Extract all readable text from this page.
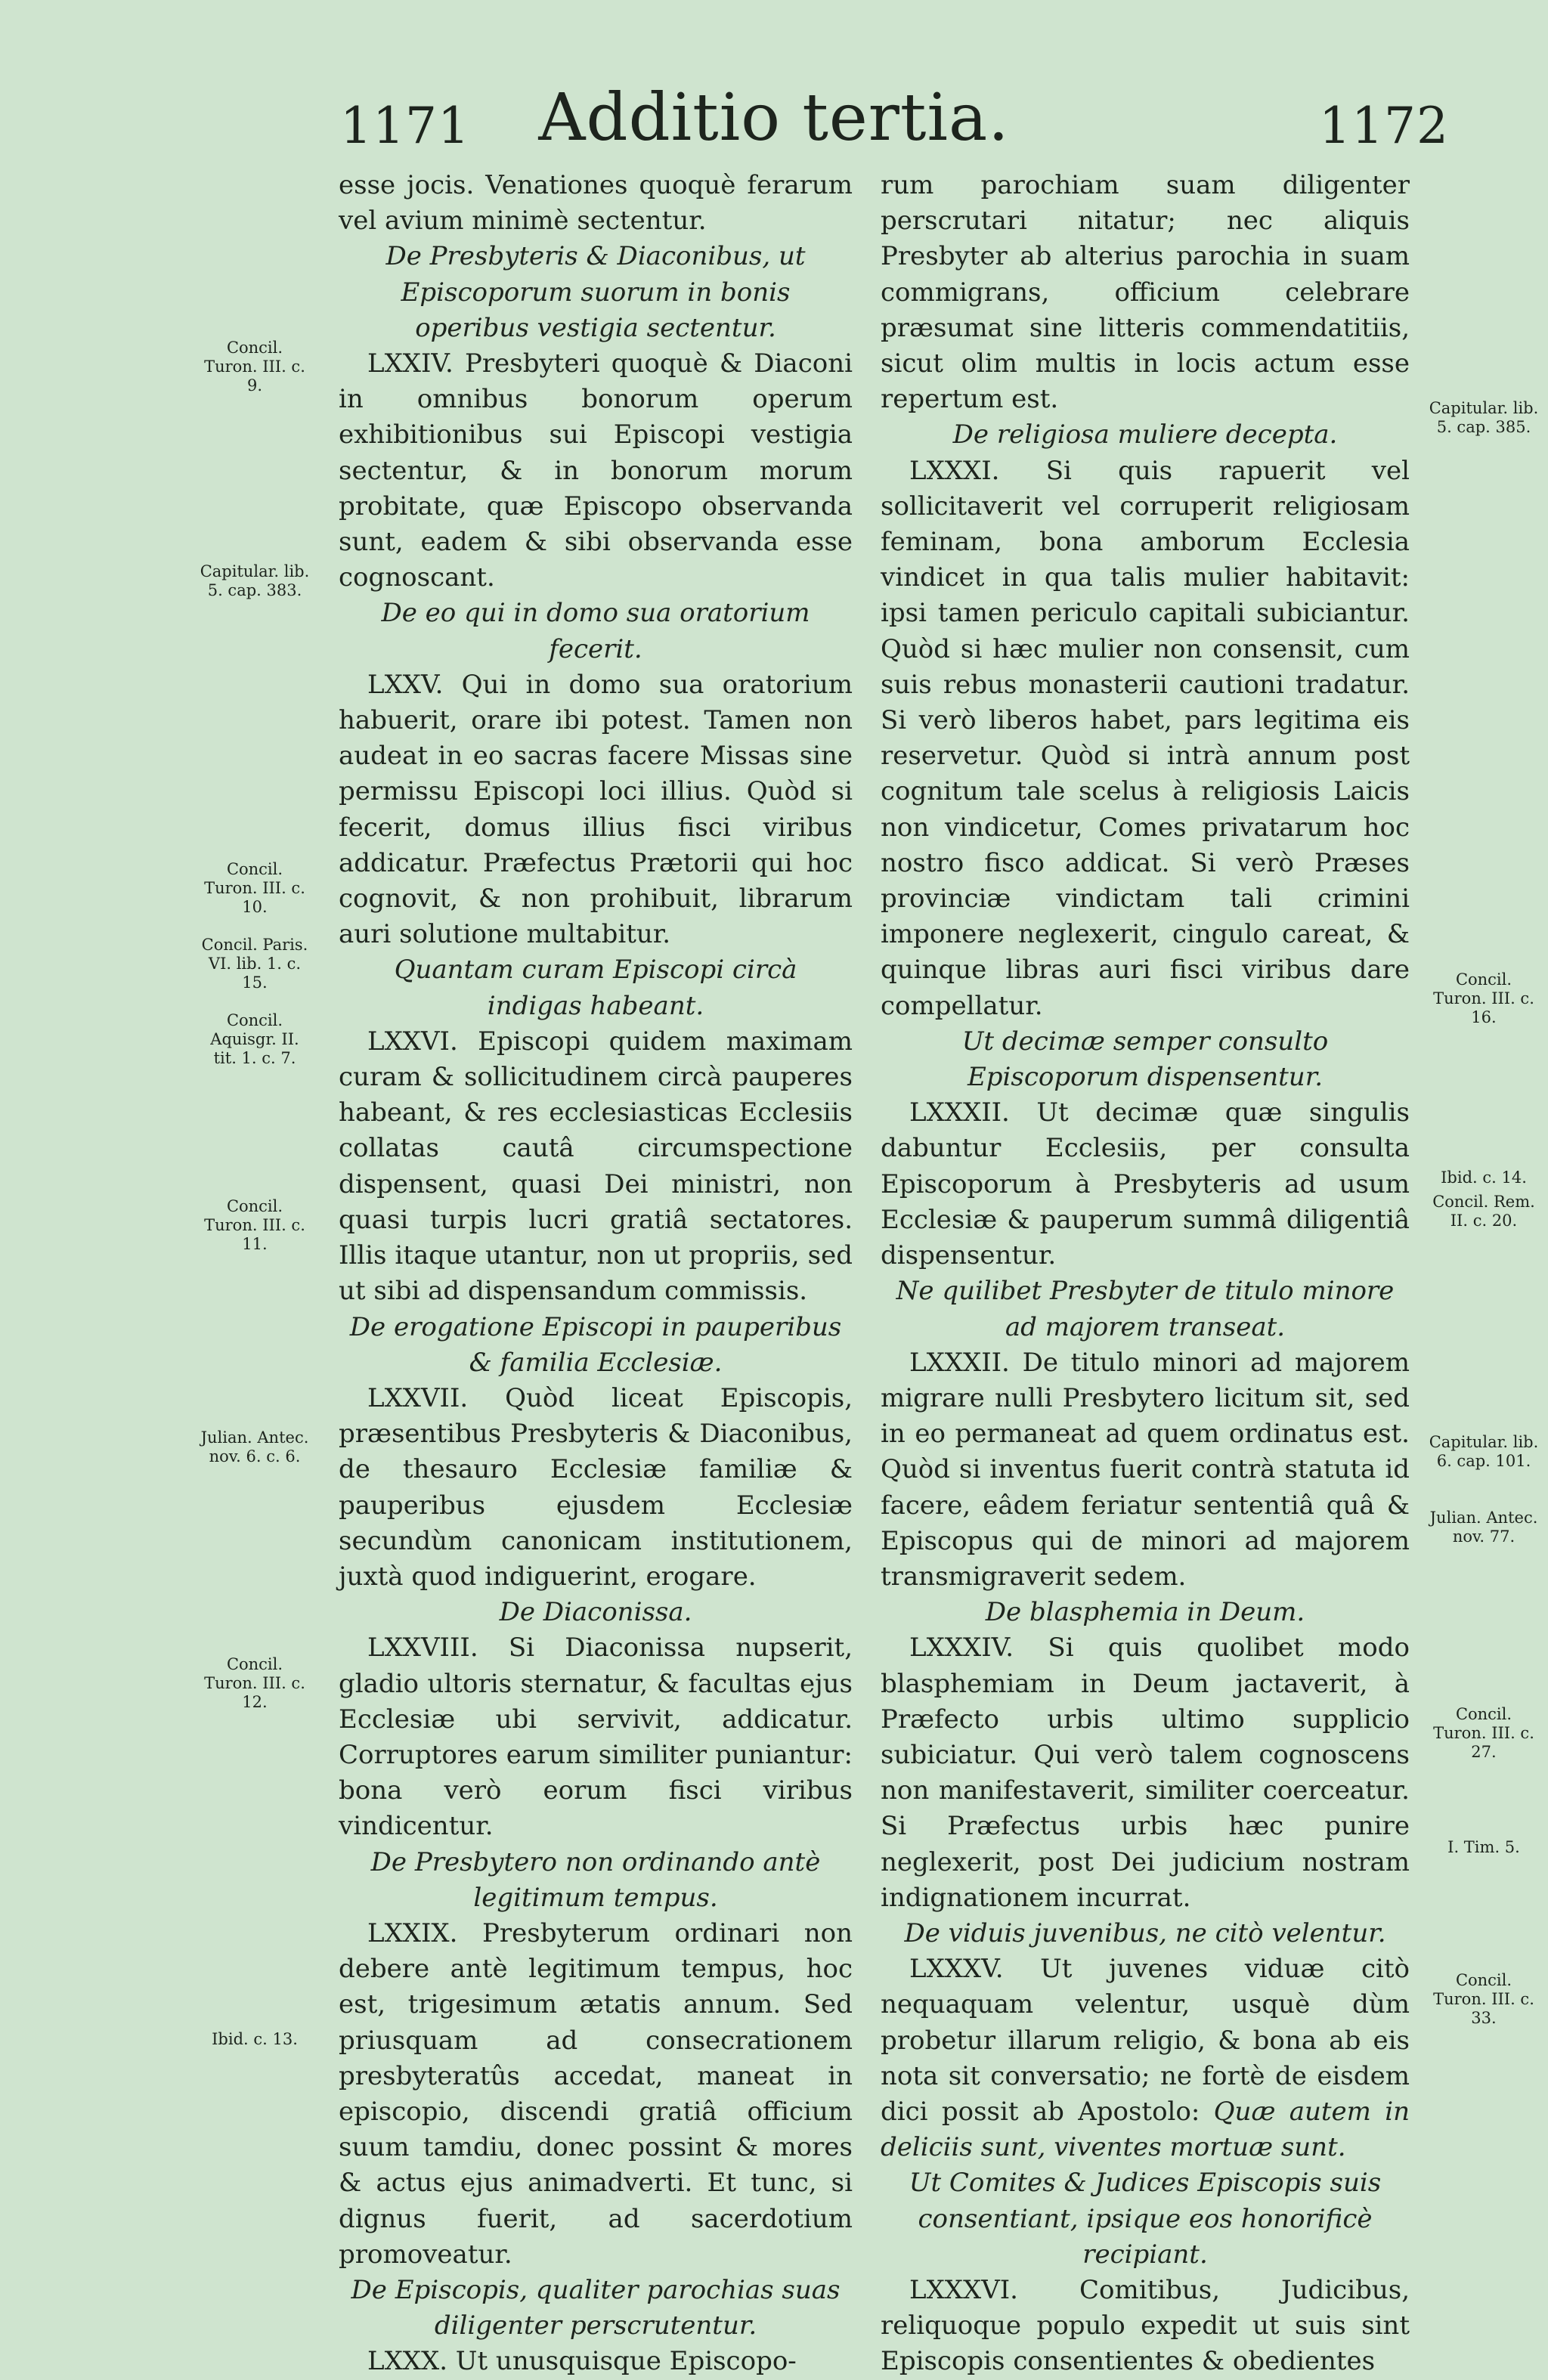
1171	Additio tertia.	1172

esse jocis. Venationes quoquè ferarum vel avium minimè sectentur.

De Presbyteris & Diaconibus, ut Episcoporum suorum in bonis operibus vestigia sectentur.

LXXIV. Presbyteri quoquè & Diaconi in omnibus bonorum operum exhibitionibus sui Episcopi vestigia sectentur, & in bonorum morum probitate, quæ Episcopo observanda sunt, eadem & sibi observanda esse cognoscant.

De eo qui in domo sua oratorium fecerit.

LXXV. Qui in domo sua oratorium habuerit, orare ibi potest. Tamen non audeat in eo sacras facere Missas sine permissu Episcopi loci illius. Quòd si fecerit, domus illius fisci viribus addicatur. Præfectus Prætorii qui hoc cognovit, & non prohibuit, librarum auri solutione multabitur.

Quantam curam Episcopi circà indigas habeant.

LXXVI. Episcopi quidem maximam curam & sollicitudinem circà pauperes habeant, & res ecclesiasticas Ecclesiis collatas cautâ circumspectione dispensent, quasi Dei ministri, non quasi turpis lucri gratiâ sectatores. Illis itaque utantur, non ut propriis, sed ut sibi ad dispensandum commissis.

De erogatione Episcopi in pauperibus & familia Ecclesiæ.

LXXVII. Quòd liceat Episcopis, præsentibus Presbyteris & Diaconibus, de thesauro Ecclesiæ familiæ & pauperibus ejusdem Ecclesiæ secundùm canonicam institutionem, juxtà quod indiguerint, erogare.

De Diaconissa.

LXXVIII. Si Diaconissa nupserit, gladio ultoris sternatur, & facultas ejus Ecclesiæ ubi servivit, addicatur. Corruptores earum similiter puniantur: bona verò eorum fisci viribus vindicentur.

De Presbytero non ordinando antè legitimum tempus.

LXXIX. Presbyterum ordinari non debere antè legitimum tempus, hoc est, trigesimum ætatis annum. Sed priusquam ad consecrationem presbyteratûs accedat, maneat in episcopio, discendi gratiâ officium suum tamdiu, donec possint & mores & actus ejus animadverti. Et tunc, si dignus fuerit, ad sacerdotium promoveatur.

De Episcopis, qualiter parochias suas diligenter perscrutentur.

LXXX. Ut unusquisque Episcopo-

rum parochiam suam diligenter perscrutari nitatur; nec aliquis Presbyter ab alterius parochia in suam commigrans, officium celebrare præsumat sine litteris commendatitiis, sicut olim multis in locis actum esse repertum est.

De religiosa muliere decepta.

LXXXI. Si quis rapuerit vel sollicitaverit vel corruperit religiosam feminam, bona amborum Ecclesia vindicet in qua talis mulier habitavit: ipsi tamen periculo capitali subiciantur. Quòd si hæc mulier non consensit, cum suis rebus monasterii cautioni tradatur. Si verò liberos habet, pars legitima eis reservetur. Quòd si intrà annum post cognitum tale scelus à religiosis Laicis non vindicetur, Comes privatarum hoc nostro fisco addicat. Si verò Præses provinciæ vindictam tali crimini imponere neglexerit, cingulo careat, & quinque libras auri fisci viribus dare compellatur.

Ut decimæ semper consulto Episcoporum dispensentur.

LXXXII. Ut decimæ quæ singulis dabuntur Ecclesiis, per consulta Episcoporum à Presbyteris ad usum Ecclesiæ & pauperum summâ diligentiâ dispensentur.

Ne quilibet Presbyter de titulo minore ad majorem transeat.

LXXXII. De titulo minori ad majorem migrare nulli Presbytero licitum sit, sed in eo permaneat ad quem ordinatus est. Quòd si inventus fuerit contrà statuta id facere, eâdem feriatur sententiâ quâ & Episcopus qui de minori ad majorem transmigraverit sedem.

De blasphemia in Deum.

LXXXIV. Si quis quolibet modo blasphemiam in Deum jactaverit, à Præfecto urbis ultimo supplicio subiciatur. Qui verò talem cognoscens non manifestaverit, similiter coerceatur. Si Præfectus urbis hæc punire neglexerit, post Dei judicium nostram indignationem incurrat.

De viduis juvenibus, ne citò velentur.

LXXXV. Ut juvenes viduæ citò nequaquam velentur, usquè dùm probetur illarum religio, & bona ab eis nota sit conversatio; ne fortè de eisdem dici possit ab Apostolo: Quæ autem in deliciis sunt, viventes mortuæ sunt.

Ut Comites & Judices Episcopis suis consentiant, ipsique eos honorificè recipiant.

LXXXVI. Comitibus, Judicibus, reliquoque populo expedit ut suis sint Episcopis consentientes & obedientes

Concil. Turon. III. c. 9.
Capitular. lib. 5. cap. 383.
Concil. Turon. III. c. 10.
Concil. Paris. VI. lib. 1. c. 15.
Concil. Aquisgr. II. tit. 1. c. 7.
Concil. Turon. III. c. 11.
Julian. Antec. nov. 6. c. 6.
Concil. Turon. III. c. 12.
Ibid. c. 13.
Capitular. lib. 5. cap. 385.
Concil. Turon. III. c. 16.
Ibid. c. 14.
Concil. Rem. II. c. 20.
Capitular. lib. 6. cap. 101.
Julian. Antec. nov. 77.
Concil. Turon. III. c. 27.
I. Tim. 5.
Concil. Turon. III. c. 33.
